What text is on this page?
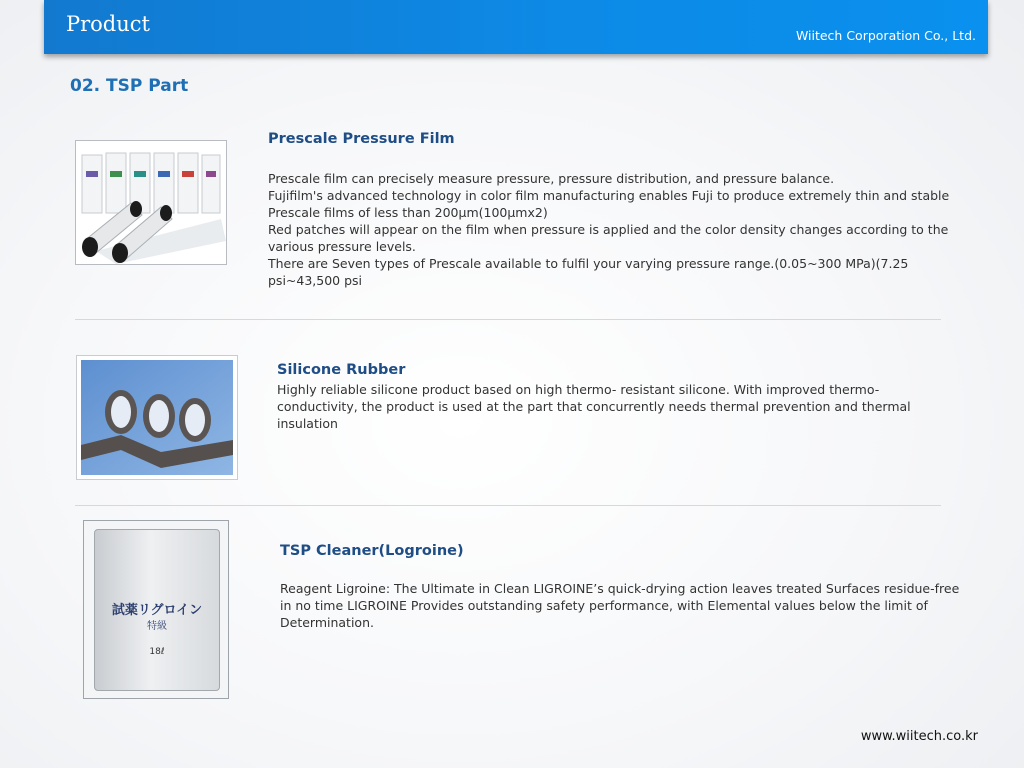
Product	Wiitech Corporation Co., Ltd.
02. TSP Part
Prescale Pressure Film

Prescale film can precisely measure pressure, pressure distribution, and pressure balance.

Fujifilm's advanced technology in color film manufacturing enables Fuji to produce extremely thin and stable Prescale films of less than 200µm(100µmx2)

Red patches will appear on the film when pressure is applied and the color density changes according to the various pressure levels.

There are Seven types of Prescale available to fulfil your varying pressure range.(0.05~300 MPa)(7.25 psi~43,500 psi

Silicone Rubber

Highly reliable silicone product based on high thermo- resistant silicone. With improved thermo-conductivity, the product is used at the part that concurrently needs thermal prevention and thermal insulation

試薬リグロイン
特級
18ℓ
TSP Cleaner(Logroine)

Reagent Ligroine: The Ultimate in Clean LIGROINE’s quick-drying action leaves treated Surfaces residue-free in no time LIGROINE Provides outstanding safety performance, with Elemental values below the limit of Determination.

www.wiitech.co.kr
